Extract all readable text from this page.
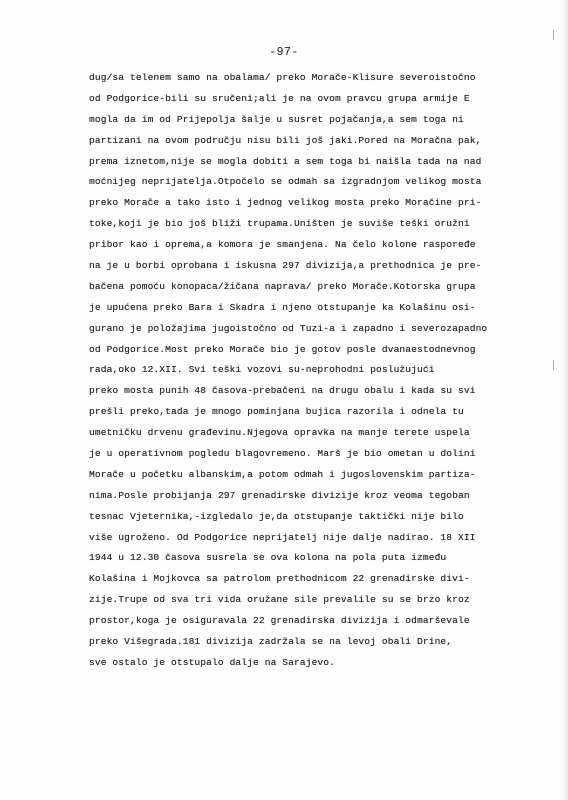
-97-
dug/sa telenem samo na obalama/ preko Morače-Klisure severoistočno
od Podgorice-bili su sručeni;ali je na ovom pravcu grupa armije E
mogla da im od Prijepolja šalje u susret pojačanja,a sem toga ni
partizani na ovom području nisu bili još jaki.Pored na Moračna pak,
prema iznetom,nije se mogla dobiti a sem toga bi naišla tada na nad
moćnijeg neprijatelja.Otpočelo se odmah sa izgradnjom velikog mosta
preko Morače a tako isto i jednog velikog mosta preko Moračine pri-
toke,koji je bio još bliži trupama.Uništen je suviše teški oružni
pribor kao i oprema,a komora je smanjena. Na čelo kolone raspoređe
na je u borbi oprobana i iskusna 297 divizija,a prethodnica je pre-
bačena pomoću konopaca/žičana naprava/ preko Morače.Kotorska grupa
je upućena preko Bara i Skadra i njeno otstupanje ka Kolašinu osi-
gurano je položajima jugoistočno od Tuzi-a i zapadno i severozapadno
od Podgorice.Most preko Morače bio je gotov posle dvanaestodnevnog
rada,oko 12.XII. Svi teški vozovi su-neprohodni poslužujući
preko mosta punih 48 časova-prebačeni na drugu obalu i kada su svi
prešli preko,tada je mnogo pominjana bujica razorila i odnela tu
umetničku drvenu građevinu.Njegova opravka na manje terete uspela
je u operativnom pogledu blagovremeno. Marš je bio ometan u dolini
Morače u početku albanskim,a potom odmah i jugoslovenskim partiza-
nima.Posle probijanja 297 grenadirske divizije kroz veoma tegoban
tesnac Vjeternika,-izgledalo je,da otstupanje taktički nije bilo
više ugroženo. Od Podgorice neprijatelj nije dalje nadirao. 18 XII
1944 u 12.30 časova susrela se ova kolona na pola puta između
Kolašina i Mojkovca sa patrolom prethodnicom 22 grenadirske divi-
zije.Trupe od sva tri vida oružane sile prevalile su se brzo kroz
prostor,koga je osiguravala 22 grenadirska divizija i odmarševale
preko Višegrada.181 divizija zadržala se na levoj obali Drine,
sve ostalo je otstupalo dalje na Sarajevo.
